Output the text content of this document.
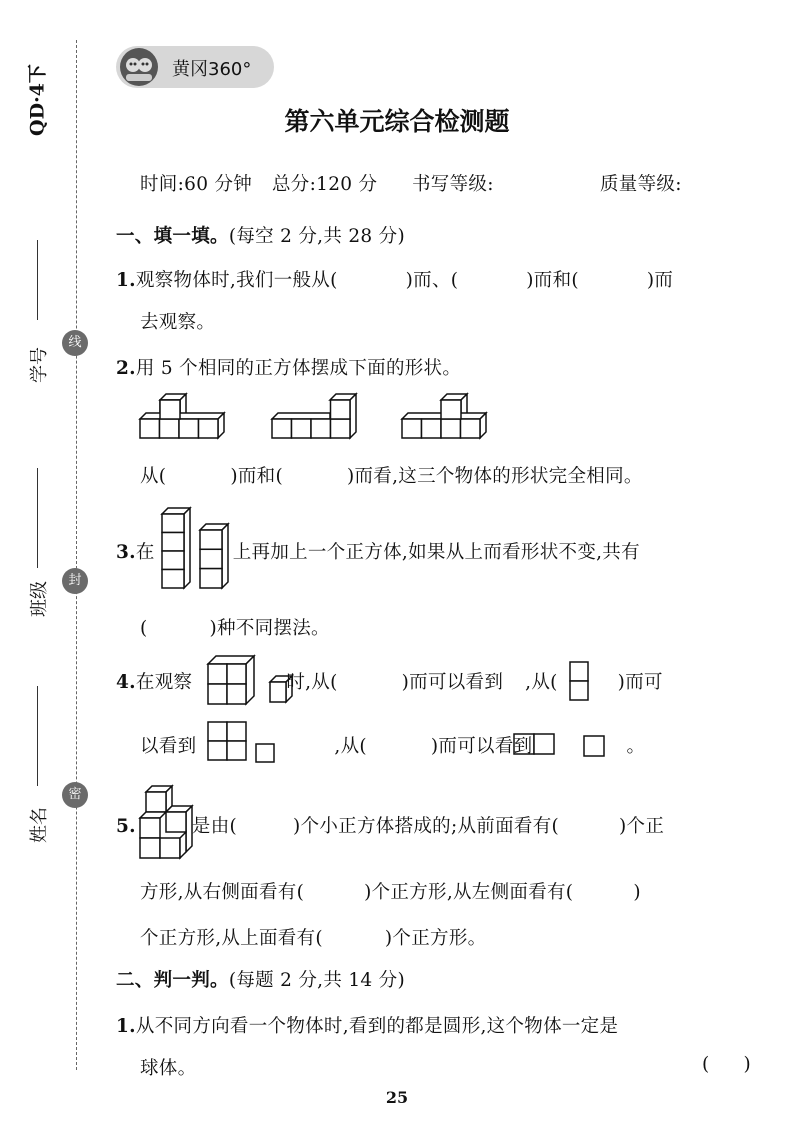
QD·4下
学号
线
班级
封
姓名
密
黄冈360°
第六单元综合检测题
时间:60 分钟 总分:120 分 书写等级:	质量等级:
一、填一填。(每空 2 分,共 28 分)
1.观察物体时,我们一般从(	)而、(	)而和(	)而
去观察。
2.用 5 个相同的正方体摆成下面的形状。
从(	)而和(	)而看,这三个物体的形状完全相同。
3.在	上再加上一个正方体,如果从上而看形状不变,共有
(	)种不同摆法。
4.在观察	时,从(	)而可以看到 ,从(	)而可
以看到	,从(	)而可以看到	。
5.	是由(	)个小正方体搭成的;从前面看有(	)个正
方形,从右侧面看有(	)个正方形,从左侧面看有(	)
个正方形,从上面看有(	)个正方形。
二、判一判。(每题 2 分,共 14 分)
1.从不同方向看一个物体时,看到的都是圆形,这个物体一定是
球体。	( )
25
